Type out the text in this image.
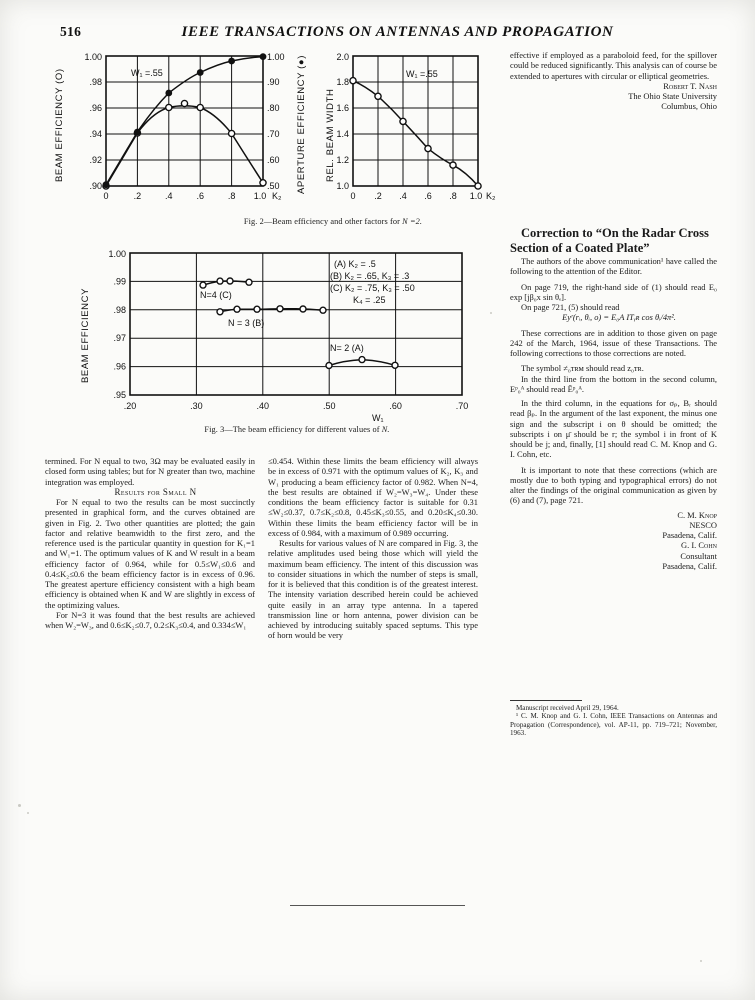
516	IEEE TRANSACTIONS ON ANTENNAS AND PROPAGATION
W₁ =.55
.90
.92
.94
.96
.98
1.00
.50
.60
.70
.80
.90
1.00
0	.2	.4	.6	.8 1.0 K₂
BEAM EFFICIENCY (O)	APERTURE EFFICIENCY (●)	W₁ =.55
1.0
1.2
1.4
1.6
1.8
2.0
0 .2 .4 .6 .8 1.0 K₂
REL. BEAM WIDTH
Fig. 2—Beam efficiency and other factors for N =2.
N=4 (C)
N = 3 (B)
N= 2 (A)
(A) K₂ = .5
(B) K₂ = .65, K₃ = .3
(C) K₂ = .75, K₃ = .50
K₄ = .25
.95
.96
.97
.98
.99
1.00
.20	.30	.40	.50	.60	.70
W₁
BEAM EFFICIENCY
Fig. 3—The beam efficiency for different values of N.

termined. For N equal to two, 3Ω may be evaluated easily in closed form using tables; but for N greater than two, machine integration was employed.

Results for Small N

For N equal to two the results can be most succinctly presented in graphical form, and the curves obtained are given in Fig. 2. Two other quantities are plotted; the gain factor and relative beamwidth to the first zero, and the reference used is the particular quantity in question for K₁=1 and W₁=1. The optimum values of K and W result in a beam efficiency factor of 0.964, while for 0.5≤W₁≤0.6 and 0.4≤K₂≤0.6 the beam efficiency factor is in excess of 0.96. The greatest aperture efficiency consistent with a high beam efficiency is obtained when K and W are slightly in excess of the optimizing values.

For N=3 it was found that the best results are achieved when W₂=W₃, and 0.6≤K₂≤0.7, 0.2≤K₃≤0.4, and 0.334≤W₁

≤0.454. Within these limits the beam efficiency will always be in excess of 0.971 with the optimum values of K₂, K₃ and W₁ producing a beam efficiency factor of 0.982. When N=4, the best results are obtained if W₂=W₃=W₄. Under these conditions the beam efficiency factor is suitable for 0.31 ≤W₂≤0.37, 0.7≤K₂≤0.8, 0.45≤K₃≤0.55, and 0.20≤K₄≤0.30. Within these limits the beam efficiency factor will be in excess of 0.984, with a maximum of 0.989 occurring.

Results for various values of N are compared in Fig. 3, the relative amplitudes used being those which will yield the maximum beam efficiency. The intent of this discussion was to consider situations in which the number of steps is small, for it is believed that this condition is of the greatest interest. The intensity variation described herein could be achieved quite easily in an array type antenna. In a tapered transmission line or horn antenna, power division can be achieved by introducing suitably spaced septums. This type of horn would be very

effective if employed as a paraboloid feed, for the spillover could be reduced significantly. This analysis can of course be extended to apertures with circular or elliptical geometries.

Robert T. Nash

The Ohio State University

Columbus, Ohio

Correction to “On the Radar Cross Section of a Coated Plate”

The authors of the above communication¹ have called the following to the attention of the Editor.

On page 719, the right-hand side of (1) should read E₀ exp [jβ₀x sin θₑ].

On page 721, (5) should read

Eyʳ(rᵢ, θᵢ, o) = E₀A ITᵧʀ cos θᵢ/4π².

These corrections are in addition to those given on page 242 of the March, 1964, issue of these Transactions. The following corrections to those corrections are noted.

The symbol ≠₀ᴛʀᴍ should read z₀ᴛʀ.

In the third line from the bottom in the second column, Eᵖ₀ᴬ should read Ēᵖ₀ᴬ.

In the third column, in the equations for σₚ, Bᵣ should read βₚ. In the argument of the last exponent, the minus one sign and the subscript i on θ should be omitted; the subscripts i on μ̄ should be r; the symbol i in front of K should be j; and, finally, [1] should read C. M. Knop and G. I. Cohn, etc.

It is important to note that these corrections (which are mostly due to both typing and typographical errors) do not alter the findings of the original communication as given by (6) and (7), page 721.

C. M. Knop

NESCO

Pasadena, Calif.

G. I. Cohn

Consultant

Pasadena, Calif.

Manuscript received April 29, 1964.

¹ C. M. Knop and G. I. Cohn, IEEE Transactions on Antennas and Propagation (Correspondence), vol. AP-11, pp. 719–721; November, 1963.
